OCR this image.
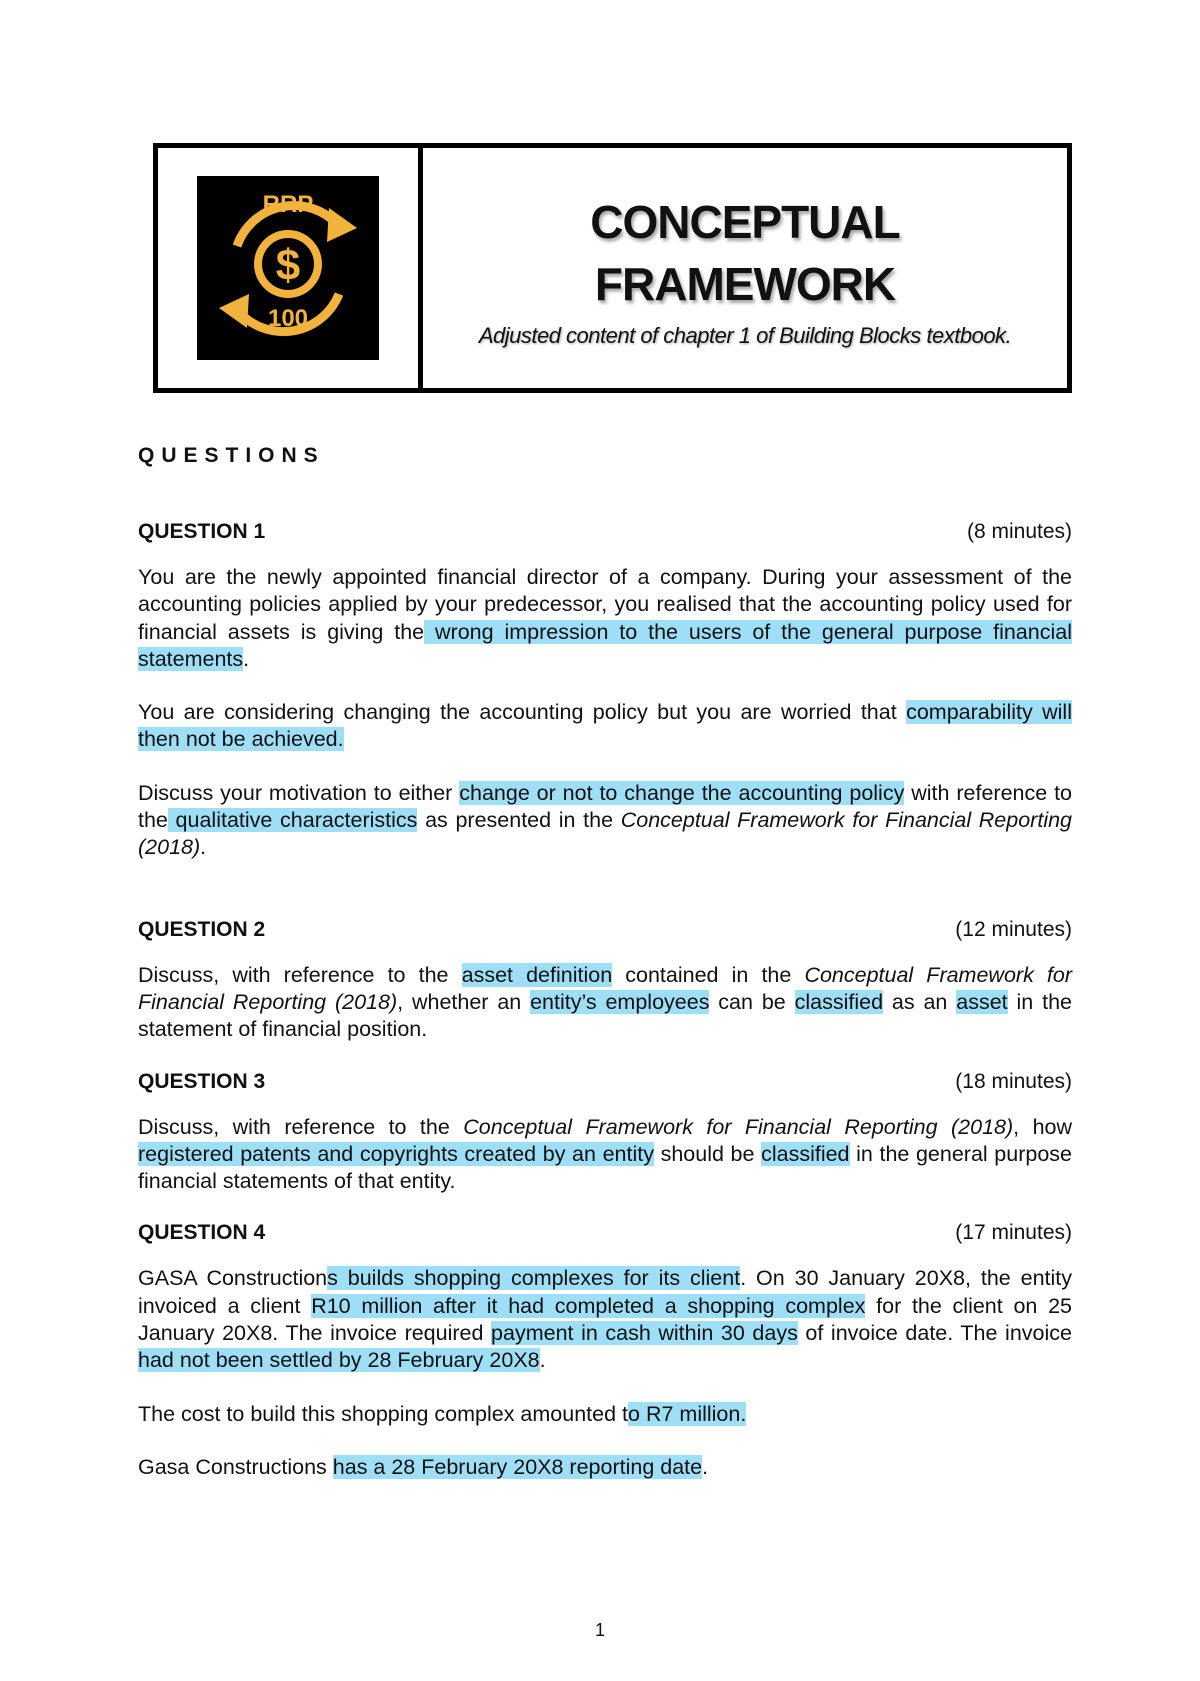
$
RRP
100
CONCEPTUAL
FRAMEWORK
Adjusted content of chapter 1 of Building Blocks textbook.
QUESTIONS
QUESTION 1	(8 minutes)

You are the newly appointed financial director of a company. During your assessment of the accounting policies applied by your predecessor, you realised that the accounting policy used for financial assets is giving the wrong impression to the users of the general purpose financial statements.

You are considering changing the accounting policy but you are worried that comparability will then not be achieved.

Discuss your motivation to either change or not to change the accounting policy with reference to the qualitative characteristics as presented in the Conceptual Framework for Financial Reporting (2018).

QUESTION 2	(12 minutes)

Discuss, with reference to the asset definition contained in the Conceptual Framework for Financial Reporting (2018), whether an entity’s employees can be classified as an asset in the statement of financial position.

QUESTION 3	(18 minutes)

Discuss, with reference to the Conceptual Framework for Financial Reporting (2018), how registered patents and copyrights created by an entity should be classified in the general purpose financial statements of that entity.

QUESTION 4	(17 minutes)

GASA Constructions builds shopping complexes for its client. On 30 January 20X8, the entity invoiced a client R10 million after it had completed a shopping complex for the client on 25 January 20X8. The invoice required payment in cash within 30 days of invoice date. The invoice had not been settled by 28 February 20X8.

The cost to build this shopping complex amounted to R7 million.

Gasa Constructions has a 28 February 20X8 reporting date.

1
